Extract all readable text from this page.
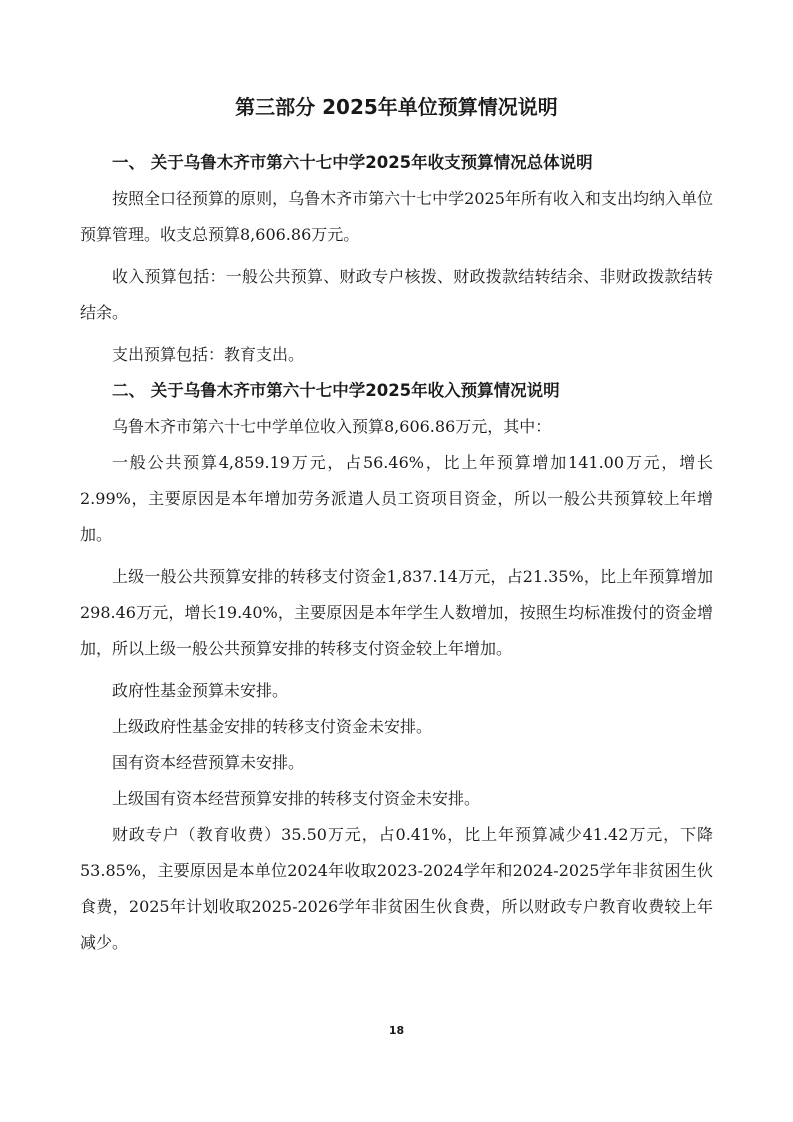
第三部分 2025年单位预算情况说明

一、 关于乌鲁木齐市第六十七中学2025年收支预算情况总体说明

按照全口径预算的原则，乌鲁木齐市第六十七中学2025年所有收入和支出均纳入单位预算管理。收支总预算8,606.86万元。

收入预算包括：一般公共预算、财政专户核拨、财政拨款结转结余、非财政拨款结转结余。

支出预算包括：教育支出。

二、 关于乌鲁木齐市第六十七中学2025年收入预算情况说明

乌鲁木齐市第六十七中学单位收入预算8,606.86万元，其中：

一般公共预算4,859.19万元，占56.46%，比上年预算增加141.00万元，增长2.99%，主要原因是本年增加劳务派遣人员工资项目资金，所以一般公共预算较上年增加。

上级一般公共预算安排的转移支付资金1,837.14万元，占21.35%，比上年预算增加298.46万元，增长19.40%，主要原因是本年学生人数增加，按照生均标准拨付的资金增加，所以上级一般公共预算安排的转移支付资金较上年增加。

政府性基金预算未安排。

上级政府性基金安排的转移支付资金未安排。

国有资本经营预算未安排。

上级国有资本经营预算安排的转移支付资金未安排。

财政专户（教育收费）35.50万元，占0.41%，比上年预算减少41.42万元，下降53.85%，主要原因是本单位2024年收取2023-2024学年和2024-2025学年非贫困生伙食费，2025年计划收取2025-2026学年非贫困生伙食费，所以财政专户教育收费较上年减少。

18
